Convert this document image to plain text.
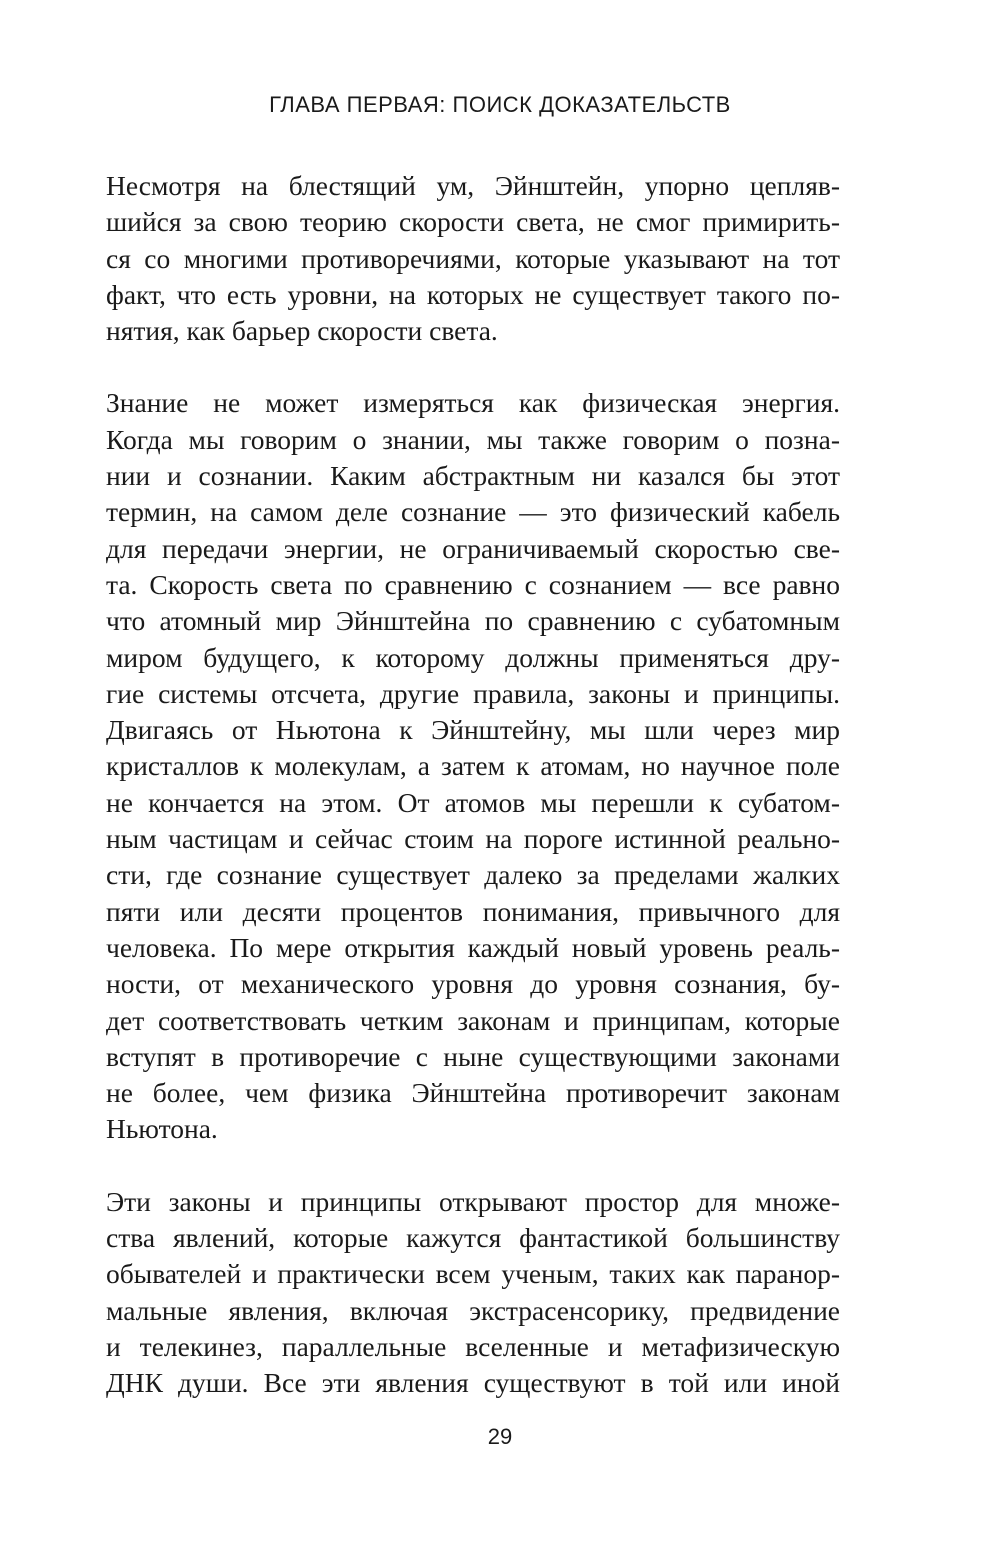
ГЛАВА ПЕРВАЯ: ПОИСК ДОКАЗАТЕЛЬСТВ
Несмотря на блестящий ум, Эйнштейн, упорно цепляв-
шийся за свою теорию скорости света, не смог примирить-
ся со многими противоречиями, которые указывают на тот
факт, что есть уровни, на которых не существует такого по-
нятия, как барьер скорости света.
Знание не может измеряться как физическая энергия.
Когда мы говорим о знании, мы также говорим о позна-
нии и сознании. Каким абстрактным ни казался бы этот
термин, на самом деле сознание — это физический кабель
для передачи энергии, не ограничиваемый скоростью све-
та. Скорость света по сравнению с сознанием — все равно
что атомный мир Эйнштейна по сравнению с субатомным
миром будущего, к которому должны применяться дру-
гие системы отсчета, другие правила, законы и принципы.
Двигаясь от Ньютона к Эйнштейну, мы шли через мир
кристаллов к молекулам, а затем к атомам, но научное поле
не кончается на этом. От атомов мы перешли к субатом-
ным частицам и сейчас стоим на пороге истинной реально-
сти, где сознание существует далеко за пределами жалких
пяти или десяти процентов понимания, привычного для
человека. По мере открытия каждый новый уровень реаль-
ности, от механического уровня до уровня сознания, бу-
дет соответствовать четким законам и принципам, которые
вступят в противоречие с ныне существующими законами
не более, чем физика Эйнштейна противоречит законам
Ньютона.
Эти законы и принципы открывают простор для множе-
ства явлений, которые кажутся фантастикой большинству
обывателей и практически всем ученым, таких как паранор-
мальные явления, включая экстрасенсорику, предвидение
и телекинез, параллельные вселенные и метафизическую
ДНК души. Все эти явления существуют в той или иной
29
